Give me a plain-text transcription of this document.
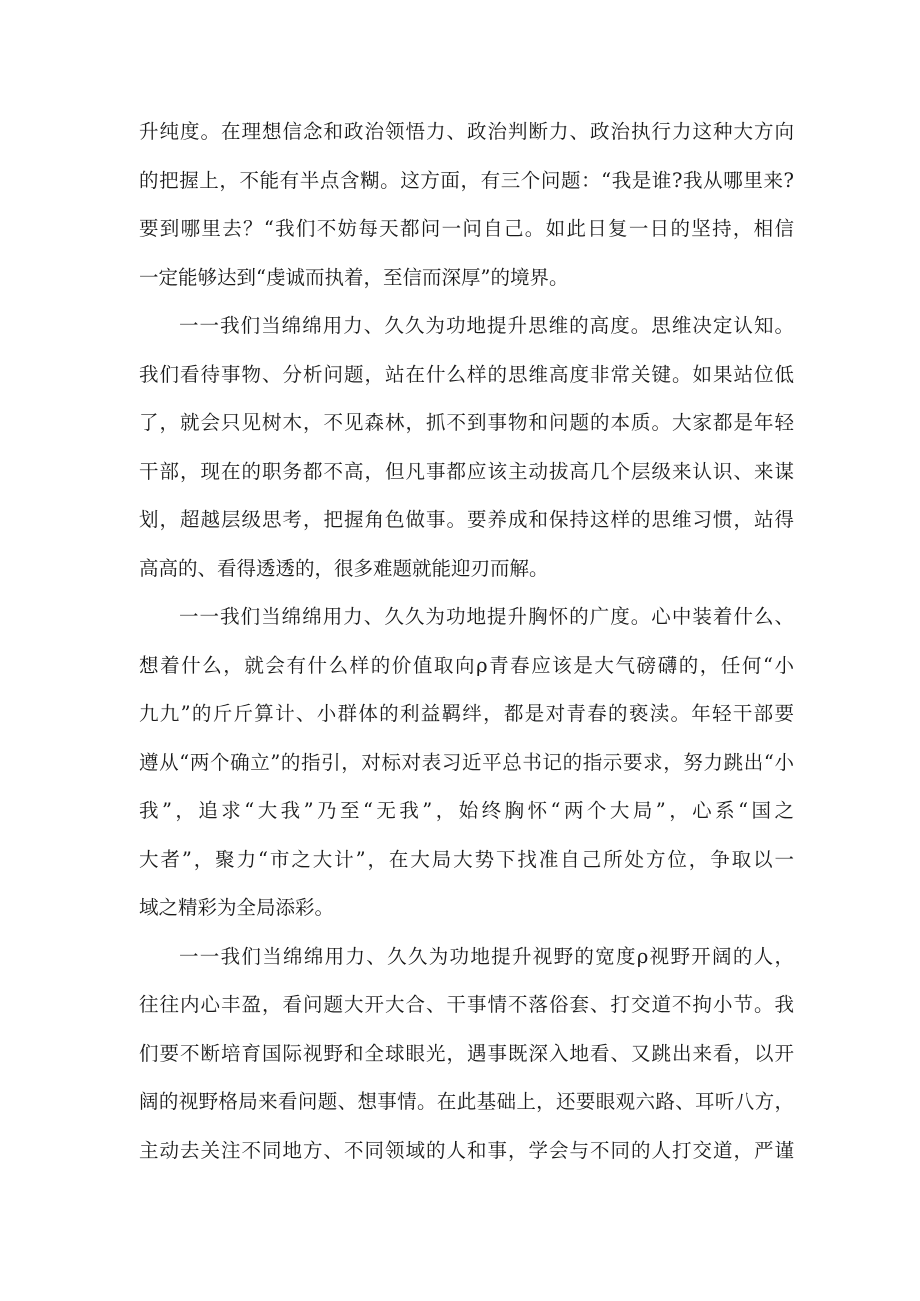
升纯度。在理想信念和政治领悟力、政治判断力、政治执行力这种大方向
的把握上，不能有半点含糊。这方面，有三个问题：“我是谁?我从哪里来?
要到哪里去？“我们不妨每天都问一问自己。如此日复一日的坚持，相信
一定能够达到“虔诚而执着，至信而深厚”的境界。
一一我们当绵绵用力、久久为功地提升思维的高度。思维决定认知。
我们看待事物、分析问题，站在什么样的思维高度非常关键。如果站位低
了，就会只见树木，不见森林，抓不到事物和问题的本质。大家都是年轻
干部，现在的职务都不高，但凡事都应该主动拔高几个层级来认识、来谋
划，超越层级思考，把握角色做事。要养成和保持这样的思维习惯，站得
高高的、看得透透的，很多难题就能迎刃而解。
一一我们当绵绵用力、久久为功地提升胸怀的广度。心中装着什么、
想着什么，就会有什么样的价值取向ρ青春应该是大气磅礴的，任何“小
九九”的斤斤算计、小群体的利益羁绊，都是对青春的亵渎。年轻干部要
遵从“两个确立”的指引，对标对表习近平总书记的指示要求，努力跳出“小
我”，追求“大我”乃至“无我”，始终胸怀“两个大局”，心系“国之
大者”，聚力“市之大计”，在大局大势下找准自己所处方位，争取以一
域之精彩为全局添彩。
一一我们当绵绵用力、久久为功地提升视野的宽度ρ视野开阔的人，
往往内心丰盈，看问题大开大合、干事情不落俗套、打交道不拘小节。我
们要不断培育国际视野和全球眼光，遇事既深入地看、又跳出来看，以开
阔的视野格局来看问题、想事情。在此基础上，还要眼观六路、耳听八方，
主动去关注不同地方、不同领域的人和事，学会与不同的人打交道，严谨
